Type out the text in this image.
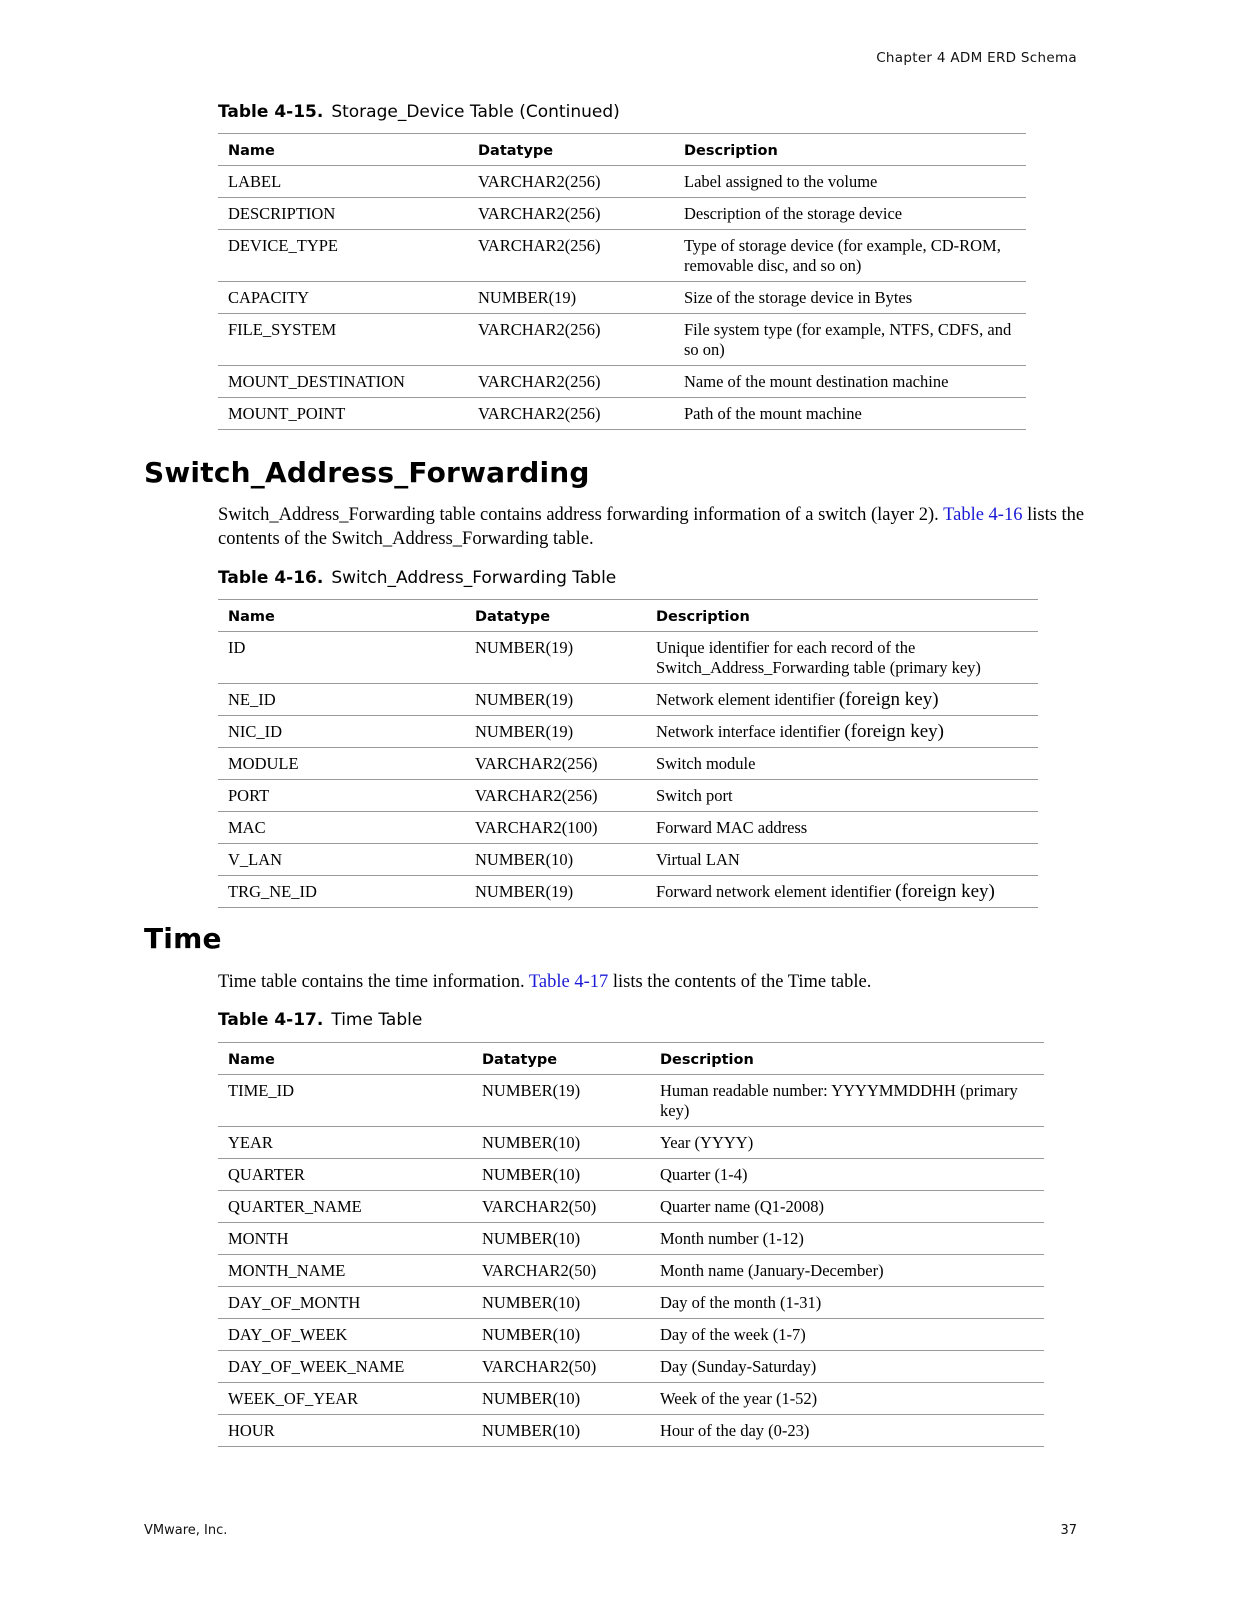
Chapter 4 ADM ERD Schema
Table 4-15. Storage_Device Table (Continued)
Name	Datatype	Description
LABEL	VARCHAR2(256)	Label assigned to the volume
DESCRIPTION	VARCHAR2(256)	Description of the storage device
DEVICE_TYPE	VARCHAR2(256)	Type of storage device (for example, CD-ROM, removable disc, and so on)
CAPACITY	NUMBER(19)	Size of the storage device in Bytes
FILE_SYSTEM	VARCHAR2(256)	File system type (for example, NTFS, CDFS, and so on)
MOUNT_DESTINATION	VARCHAR2(256)	Name of the mount destination machine
MOUNT_POINT	VARCHAR2(256)	Path of the mount machine
Switch_Address_Forwarding
Switch_Address_Forwarding table contains address forwarding information of a switch (layer 2). Table 4-16 lists the contents of the Switch_Address_Forwarding table.
Table 4-16. Switch_Address_Forwarding Table
Name	Datatype	Description
ID	NUMBER(19)	Unique identifier for each record of the Switch_Address_Forwarding table (primary key)
NE_ID	NUMBER(19)	Network element identifier (foreign key)
NIC_ID	NUMBER(19)	Network interface identifier (foreign key)
MODULE	VARCHAR2(256)	Switch module
PORT	VARCHAR2(256)	Switch port
MAC	VARCHAR2(100)	Forward MAC address
V_LAN	NUMBER(10)	Virtual LAN
TRG_NE_ID	NUMBER(19)	Forward network element identifier (foreign key)
Time
Time table contains the time information. Table 4-17 lists the contents of the Time table.
Table 4-17. Time Table
Name	Datatype	Description
TIME_ID	NUMBER(19)	Human readable number: YYYYMMDDHH (primary key)
YEAR	NUMBER(10)	Year (YYYY)
QUARTER	NUMBER(10)	Quarter (1-4)
QUARTER_NAME	VARCHAR2(50)	Quarter name (Q1-2008)
MONTH	NUMBER(10)	Month number (1-12)
MONTH_NAME	VARCHAR2(50)	Month name (January-December)
DAY_OF_MONTH	NUMBER(10)	Day of the month (1-31)
DAY_OF_WEEK	NUMBER(10)	Day of the week (1-7)
DAY_OF_WEEK_NAME	VARCHAR2(50)	Day (Sunday-Saturday)
WEEK_OF_YEAR	NUMBER(10)	Week of the year (1-52)
HOUR	NUMBER(10)	Hour of the day (0-23)
VMware, Inc.	37
